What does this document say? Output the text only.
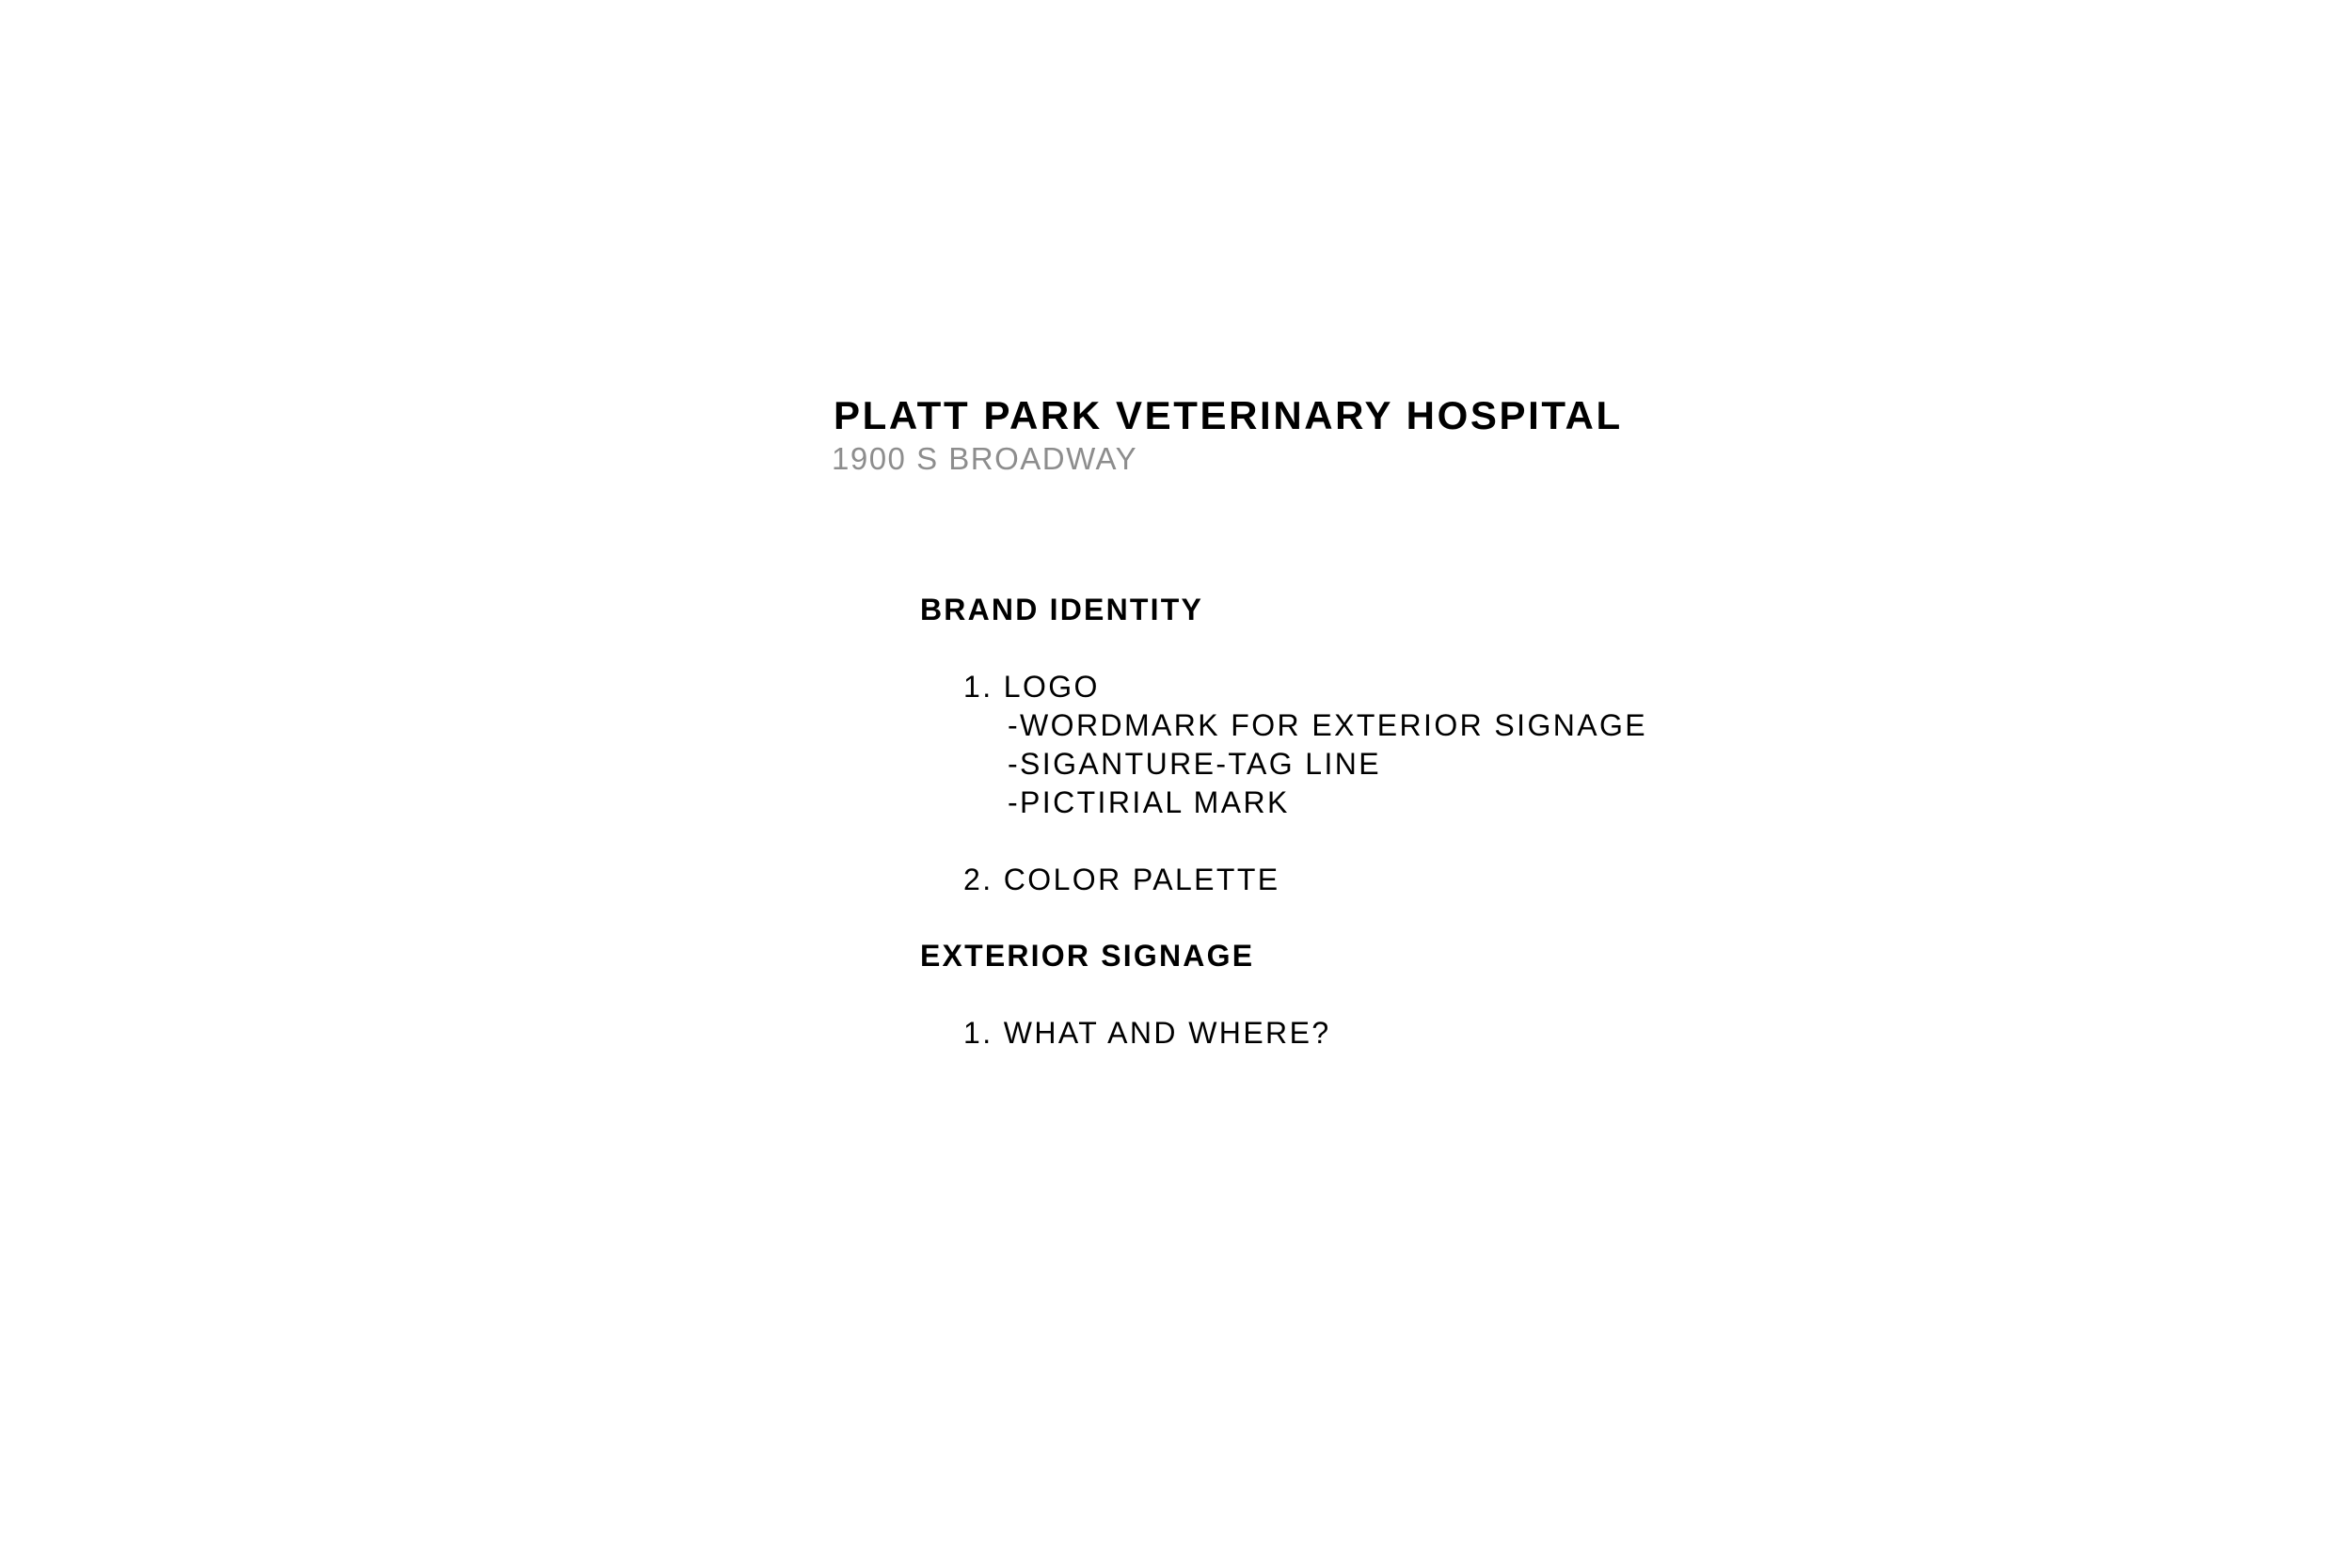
PLATT PARK VETERINARY HOSPITAL

1900 S BROADWAY

BRAND IDENTITY

1. LOGO

-WORDMARK FOR EXTERIOR SIGNAGE

-SIGANTURE-TAG LINE

-PICTIRIAL MARK

2. COLOR PALETTE

EXTERIOR SIGNAGE

1. WHAT AND WHERE?
